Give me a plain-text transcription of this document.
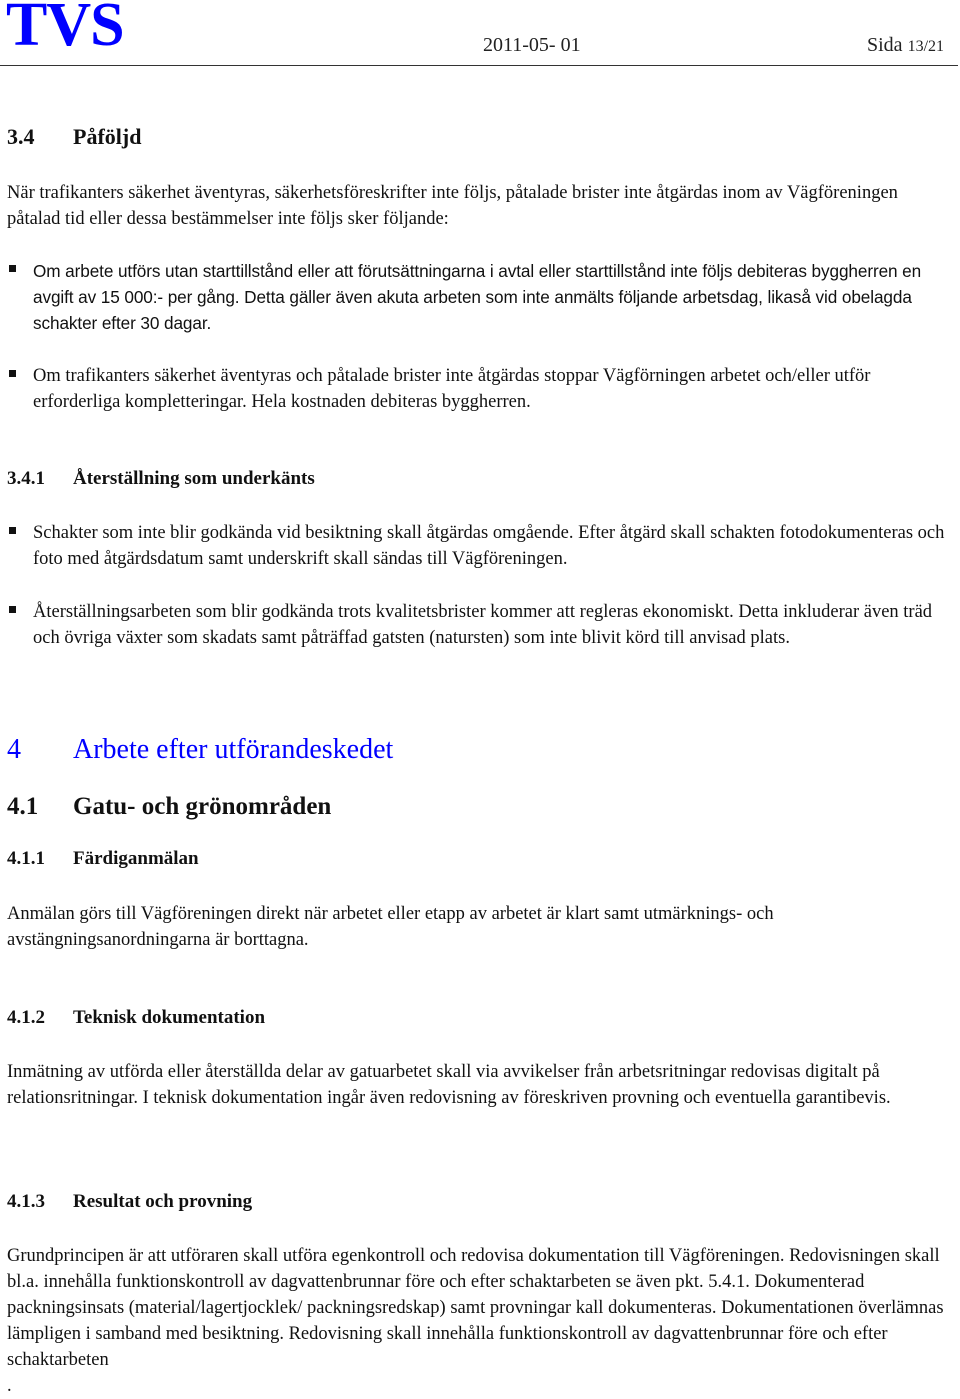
TVS	2011-05- 01	Sida 13/21
3.4 Påföljd
När trafikanters säkerhet äventyras, säkerhetsföreskrifter inte följs, påtalade brister inte åtgärdas inom av Vägföreningen påtalad tid eller dessa bestämmelser inte följs sker följande:
Om arbete utförs utan starttillstånd eller att förutsättningarna i avtal eller starttillstånd inte följs debiteras byggherren en avgift av 15 000:- per gång. Detta gäller även akuta arbeten som inte anmälts följande arbetsdag, likaså vid obelagda schakter efter 30 dagar.
Om trafikanters säkerhet äventyras och påtalade brister inte åtgärdas stoppar Vägförningen arbetet och/eller utför erforderliga kompletteringar. Hela kostnaden debiteras byggherren.
3.4.1 Återställning som underkänts
Schakter som inte blir godkända vid besiktning skall åtgärdas omgående. Efter åtgärd skall schakten fotodokumenteras och foto med åtgärdsdatum samt underskrift skall sändas till Vägföreningen.
Återställningsarbeten som blir godkända trots kvalitetsbrister kommer att regleras ekonomiskt. Detta inkluderar även träd och övriga växter som skadats samt påträffad gatsten (natursten) som inte blivit körd till anvisad plats.
4 Arbete efter utförandeskedet
4.1 Gatu- och grönområden
4.1.1 Färdiganmälan
Anmälan görs till Vägföreningen direkt när arbetet eller etapp av arbetet är klart samt utmärknings- och avstängningsanordningarna är borttagna.
4.1.2 Teknisk dokumentation
Inmätning av utförda eller återställda delar av gatuarbetet skall via avvikelser från arbetsritningar redovisas digitalt på relationsritningar. I teknisk dokumentation ingår även redovisning av föreskriven provning och eventuella garantibevis.
4.1.3 Resultat och provning
Grundprincipen är att utföraren skall utföra egenkontroll och redovisa dokumentation till Vägföreningen. Redovisningen skall bl.a. innehålla funktionskontroll av dagvattenbrunnar före och efter schaktarbeten se även pkt. 5.4.1. Dokumenterad packningsinsats (material/lagertjocklek/ packningsredskap) samt provningar kall dokumenteras. Dokumentationen överlämnas lämpligen i samband med besiktning. Redovisning skall innehålla funktionskontroll av dagvattenbrunnar före och efter schaktarbeten
.
